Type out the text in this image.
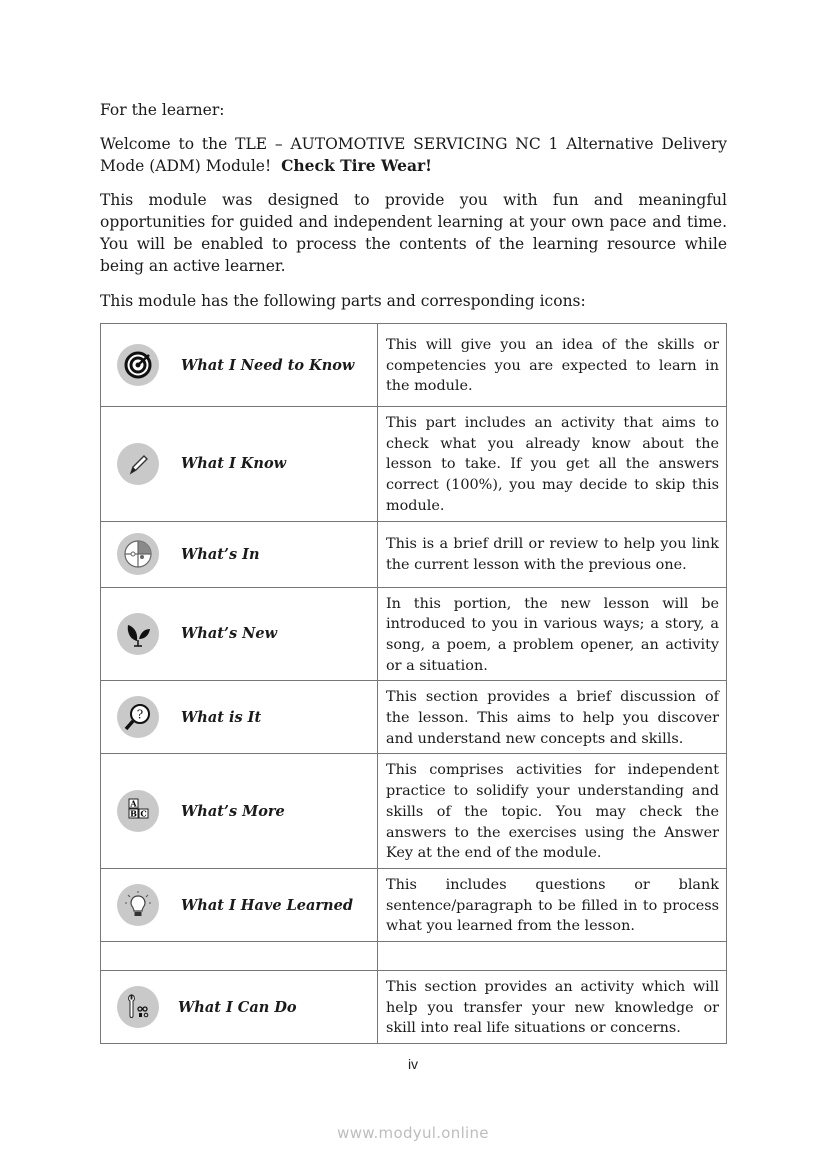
For the learner:

Welcome to the TLE – AUTOMOTIVE SERVICING NC 1 Alternative Delivery Mode (ADM) Module! Check Tire Wear!

This module was designed to provide you with fun and meaningful opportunities for guided and independent learning at your own pace and time. You will be enabled to process the contents of the learning resource while being an active learner.

This module has the following parts and corresponding icons:

What I Need to Know	This will give you an idea of the skills or competencies you are expected to learn in the module.

What I Know	This part includes an activity that aims to check what you already know about the lesson to take. If you get all the answers correct (100%), you may decide to skip this module.

What’s In	This is a brief drill or review to help you link the current lesson with the previous one.

What’s New	In this portion, the new lesson will be introduced to you in various ways; a story, a song, a poem, a problem opener, an activity or a situation.

? What is It	This section provides a brief discussion of the lesson. This aims to help you discover and understand new concepts and skills.

A
B C What’s More	This comprises activities for independent practice to solidify your understanding and skills of the topic. You may check the answers to the exercises using the Answer Key at the end of the module.

What I Have Learned	This includes questions or blank sentence/paragraph to be filled in to process what you learned from the lesson.

What I Can Do	This section provides an activity which will help you transfer your new knowledge or skill into real life situations or concerns.
iv
www.modyul.online
